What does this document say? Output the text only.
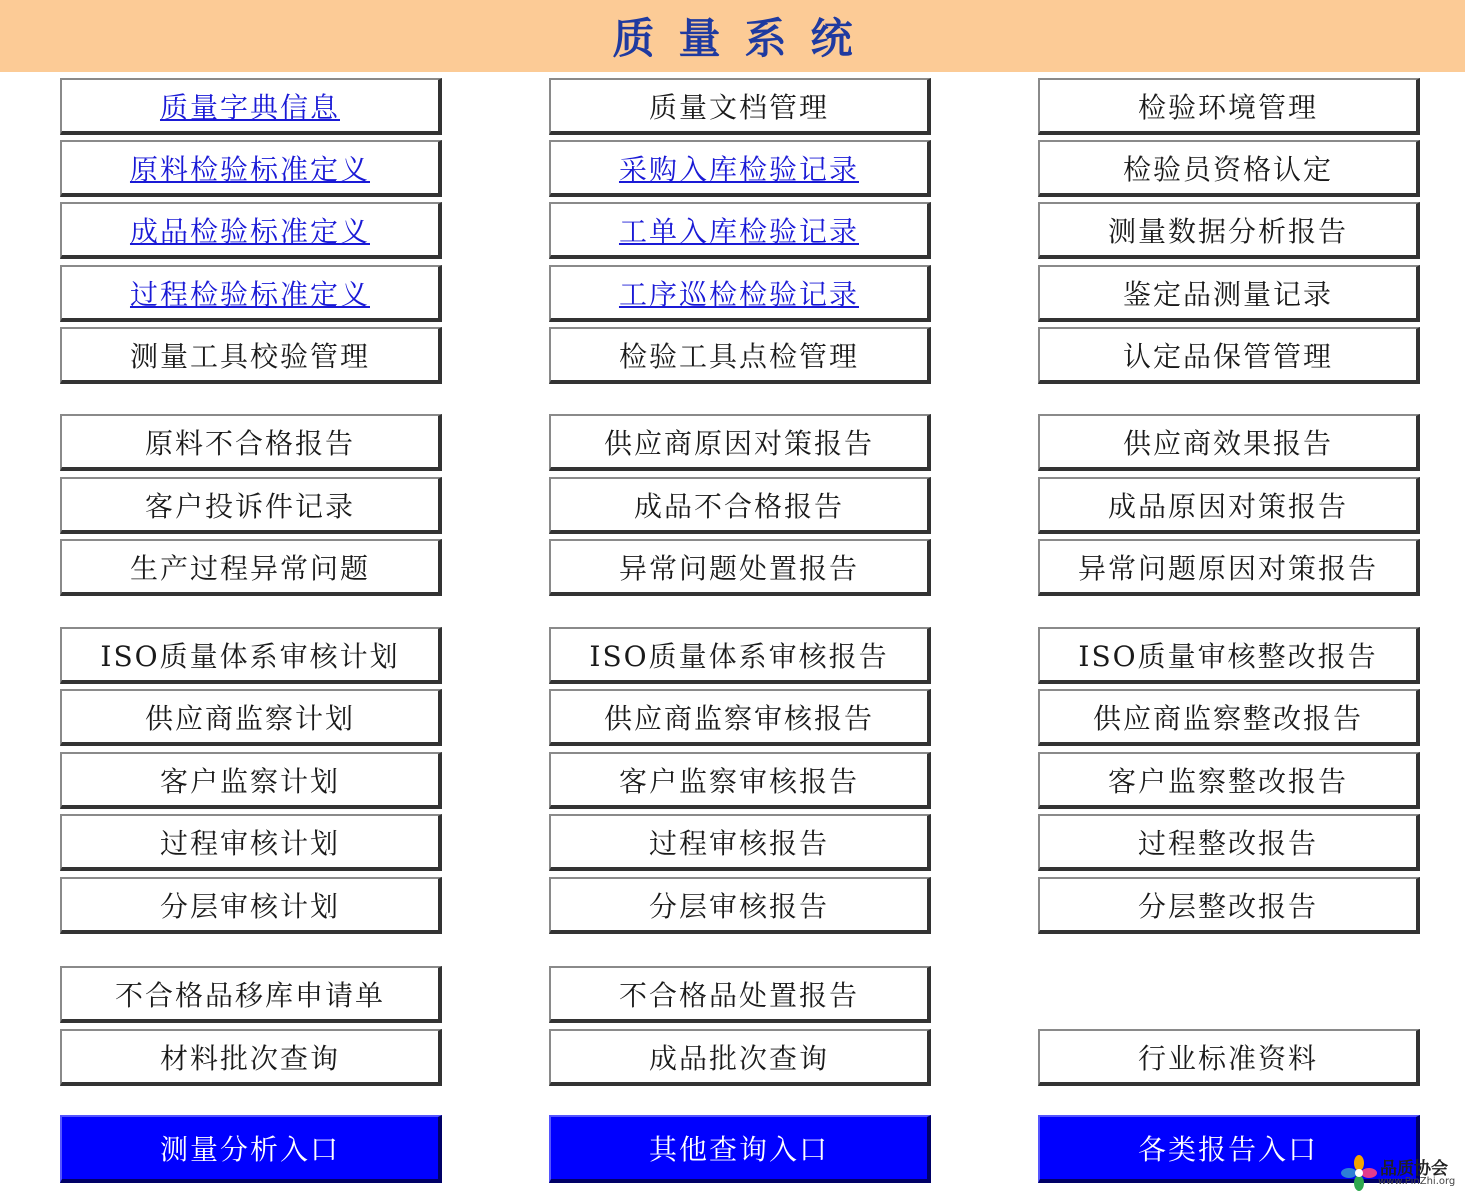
质量系统
质量字典信息	质量文档管理	检验环境管理
原料检验标准定义	采购入库检验记录	检验员资格认定
成品检验标准定义	工单入库检验记录	测量数据分析报告
过程检验标准定义	工序巡检检验记录	鉴定品测量记录
测量工具校验管理	检验工具点检管理	认定品保管管理
原料不合格报告	供应商原因对策报告	供应商效果报告
客户投诉件记录	成品不合格报告	成品原因对策报告
生产过程异常问题	异常问题处置报告	异常问题原因对策报告
ISO质量体系审核计划	ISO质量体系审核报告	ISO质量审核整改报告
供应商监察计划	供应商监察审核报告	供应商监察整改报告
客户监察计划	客户监察审核报告	客户监察整改报告
过程审核计划	过程审核报告	过程整改报告
分层审核计划	分层审核报告	分层整改报告
不合格品移库申请单	不合格品处置报告
材料批次查询	成品批次查询	行业标准资料
测量分析入口	其他查询入口	各类报告入口
品质协会
www.PinZhi.org
